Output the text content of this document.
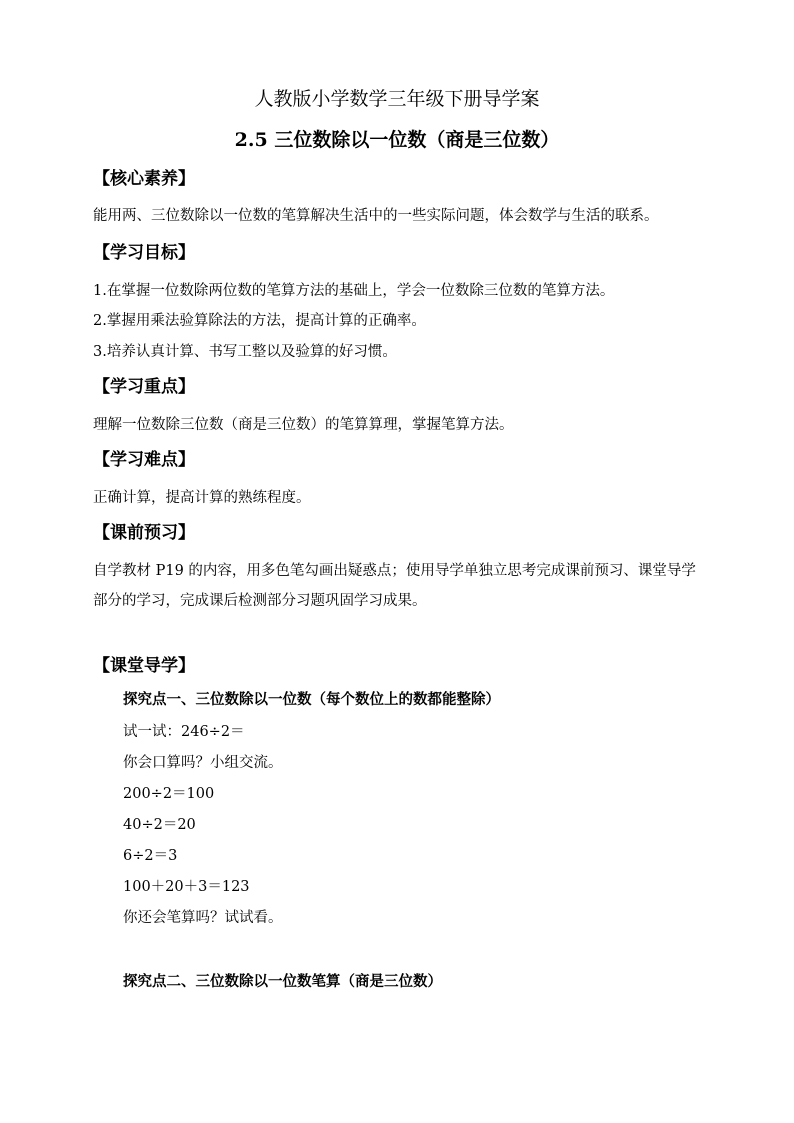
人教版小学数学三年级下册导学案
2.5 三位数除以一位数（商是三位数）
【核心素养】
能用两、三位数除以一位数的笔算解决生活中的一些实际问题，体会数学与生活的联系。
【学习目标】
1.在掌握一位数除两位数的笔算方法的基础上，学会一位数除三位数的笔算方法。
2.掌握用乘法验算除法的方法，提高计算的正确率。
3.培养认真计算、书写工整以及验算的好习惯。
【学习重点】
理解一位数除三位数（商是三位数）的笔算算理，掌握笔算方法。
【学习难点】
正确计算，提高计算的熟练程度。
【课前预习】
自学教材 P19 的内容，用多色笔勾画出疑惑点；使用导学单独立思考完成课前预习、课堂导学部分的学习，完成课后检测部分习题巩固学习成果。
【课堂导学】
探究点一、三位数除以一位数（每个数位上的数都能整除）
试一试：246÷2＝
你会口算吗？小组交流。
200÷2＝100
40÷2＝20
6÷2＝3
100＋20＋3＝123
你还会笔算吗？试试看。
探究点二、三位数除以一位数笔算（商是三位数）
